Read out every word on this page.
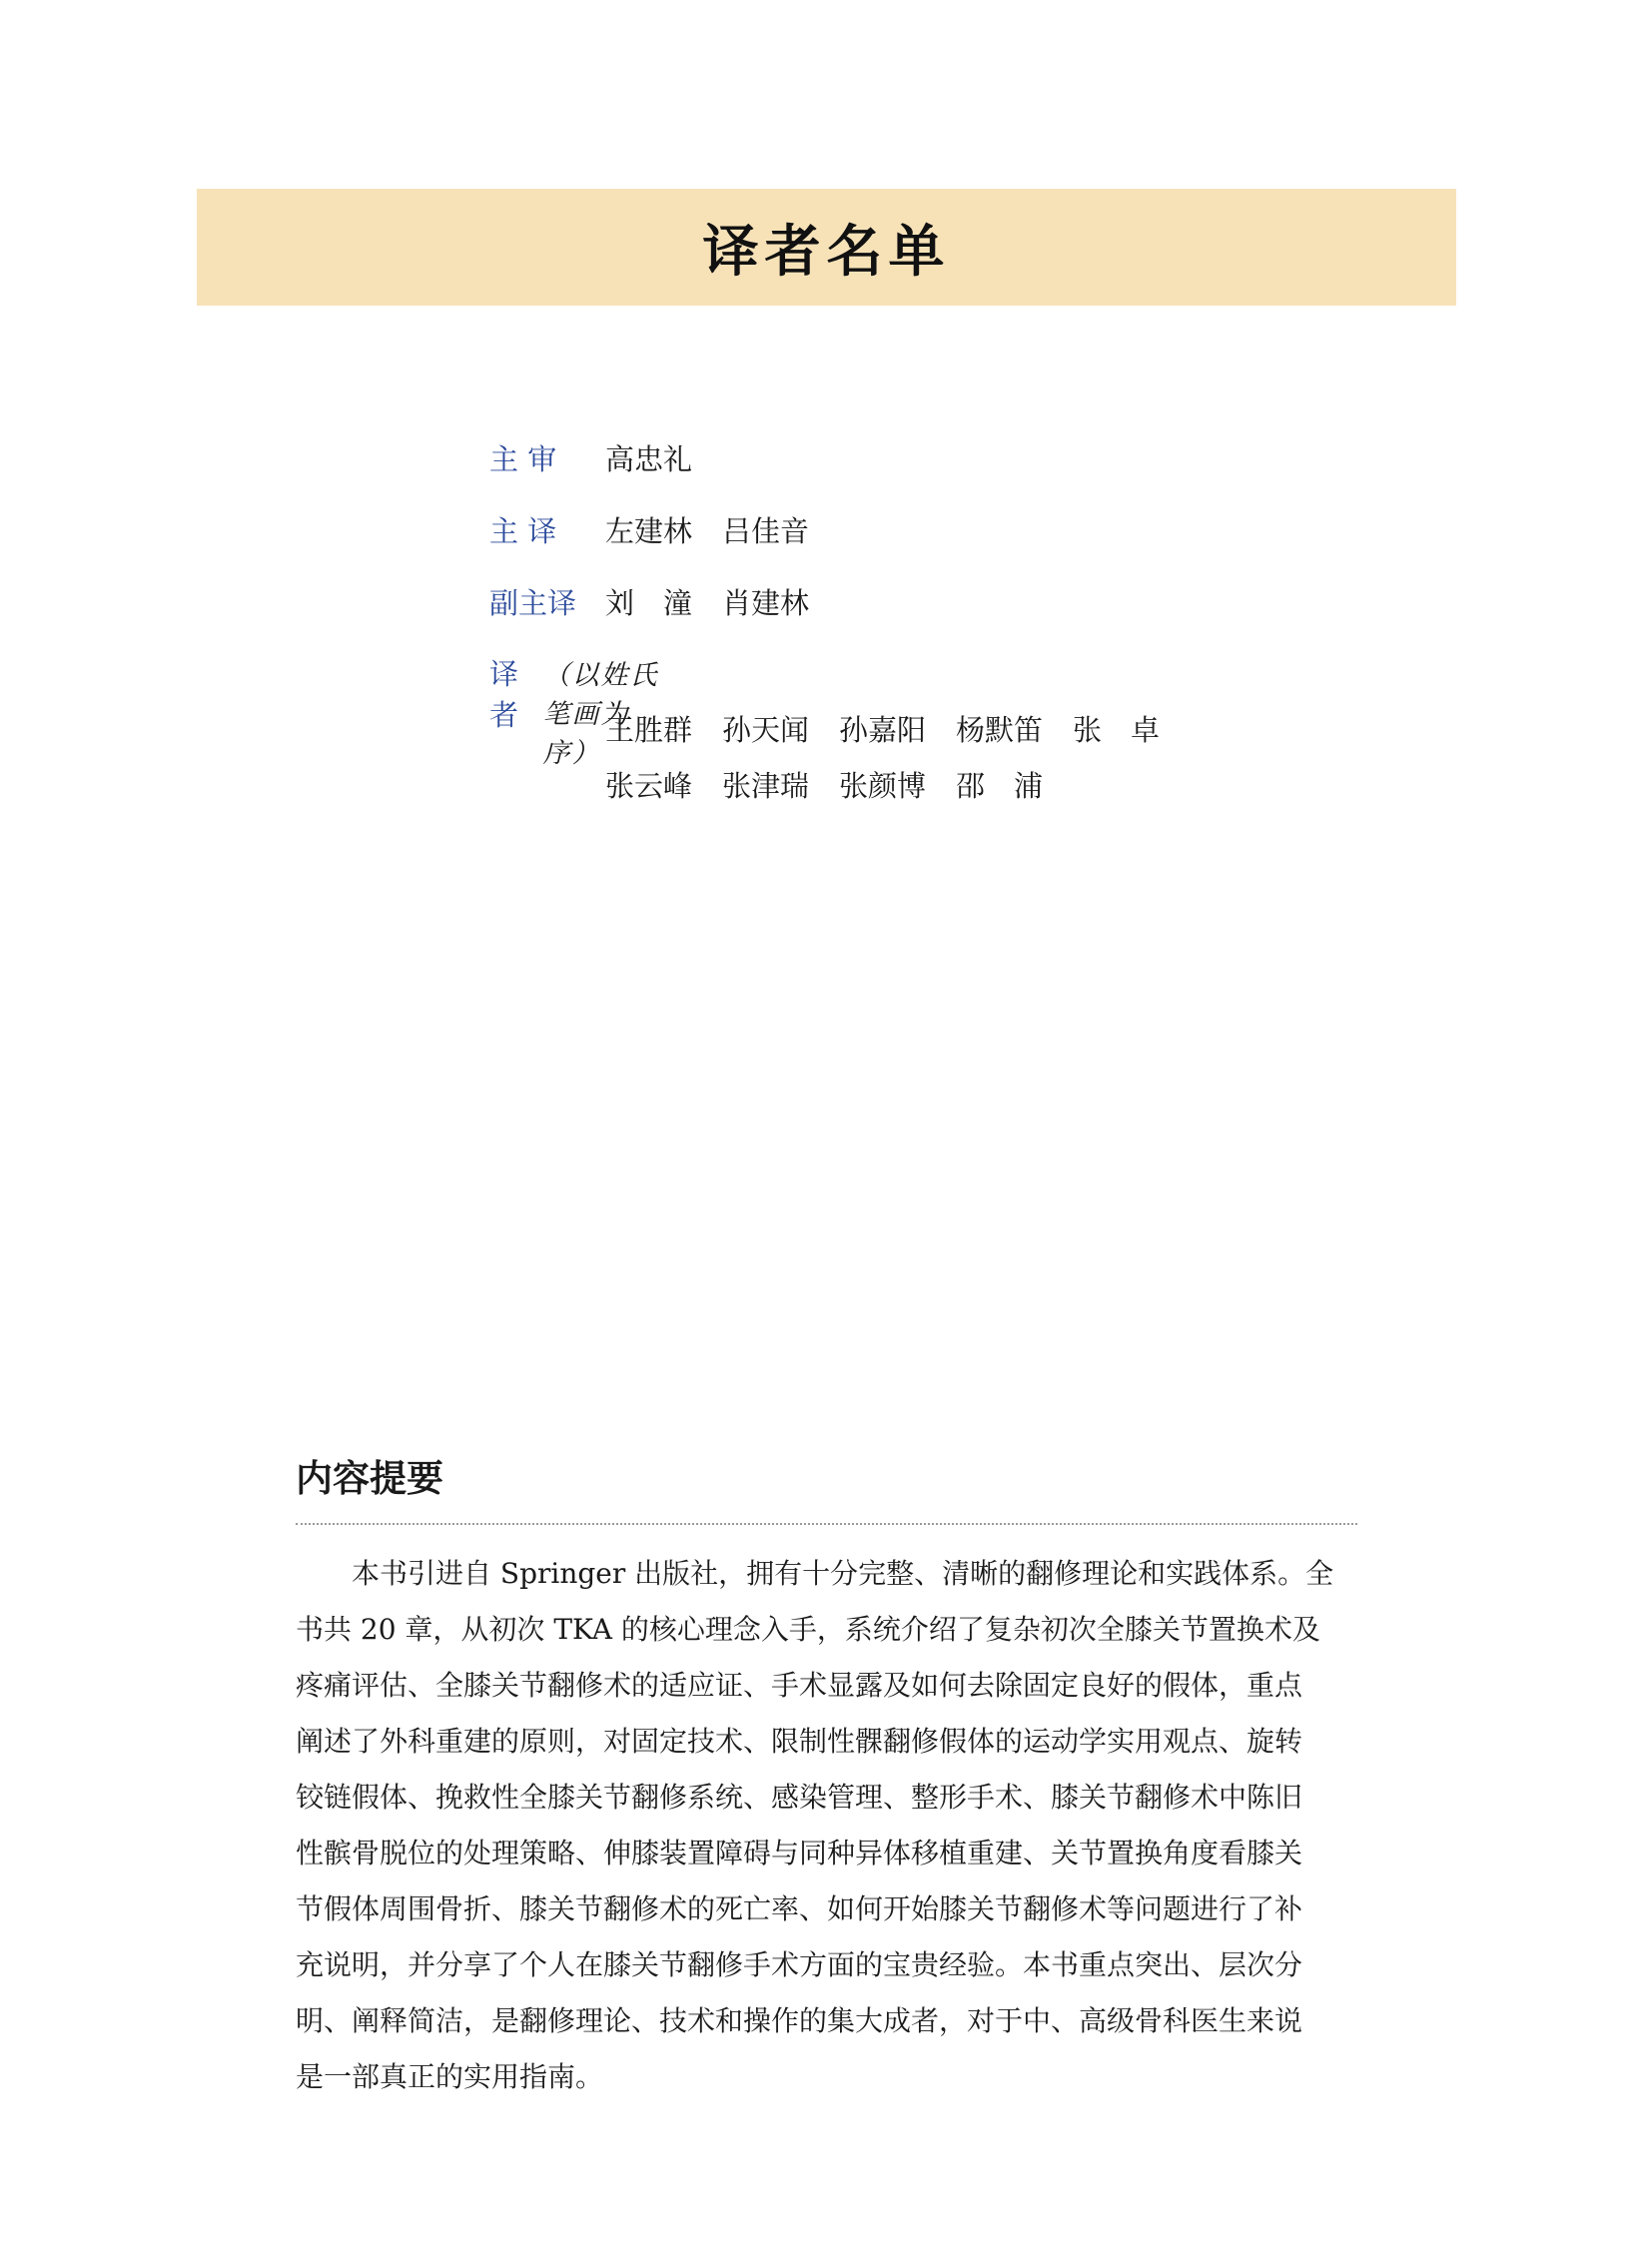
译者名单
主 审	高忠礼
主 译	左建林	吕佳音
副主译 刘　潼	肖建林
译 者
（以姓氏笔画为序）
王胜群	孙天闻	孙嘉阳	杨默笛	张　卓
张云峰	张津瑞	张颜博	邵　浦
内容提要

本书引进自 Springer 出版社，拥有十分完整、清晰的翻修理论和实践体系。全
书共 20 章，从初次 TKA 的核心理念入手，系统介绍了复杂初次全膝关节置换术及
疼痛评估、全膝关节翻修术的适应证、手术显露及如何去除固定良好的假体，重点
阐述了外科重建的原则，对固定技术、限制性髁翻修假体的运动学实用观点、旋转
铰链假体、挽救性全膝关节翻修系统、感染管理、整形手术、膝关节翻修术中陈旧
性髌骨脱位的处理策略、伸膝装置障碍与同种异体移植重建、关节置换角度看膝关
节假体周围骨折、膝关节翻修术的死亡率、如何开始膝关节翻修术等问题进行了补
充说明，并分享了个人在膝关节翻修手术方面的宝贵经验。本书重点突出、层次分
明、阐释简洁，是翻修理论、技术和操作的集大成者，对于中、高级骨科医生来说
是一部真正的实用指南。
